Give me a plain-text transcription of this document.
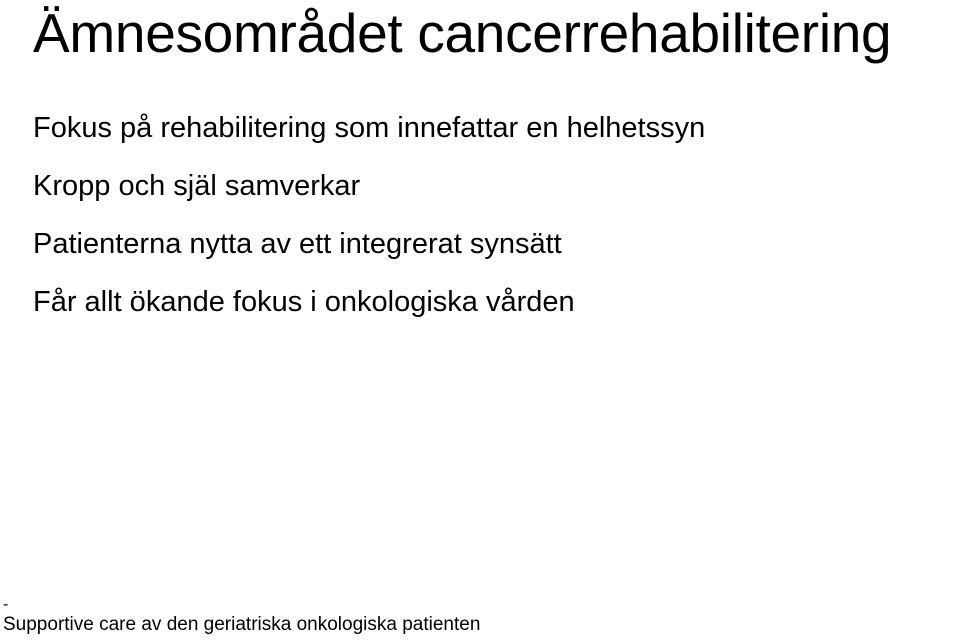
Ämnesområdet cancerrehabilitering
Fokus på rehabilitering som innefattar en helhetssyn
Kropp och själ samverkar
Patienterna nytta av ett integrerat synsätt
Får allt ökande fokus i onkologiska vården
-
Supportive care av den geriatriska onkologiska patienten
